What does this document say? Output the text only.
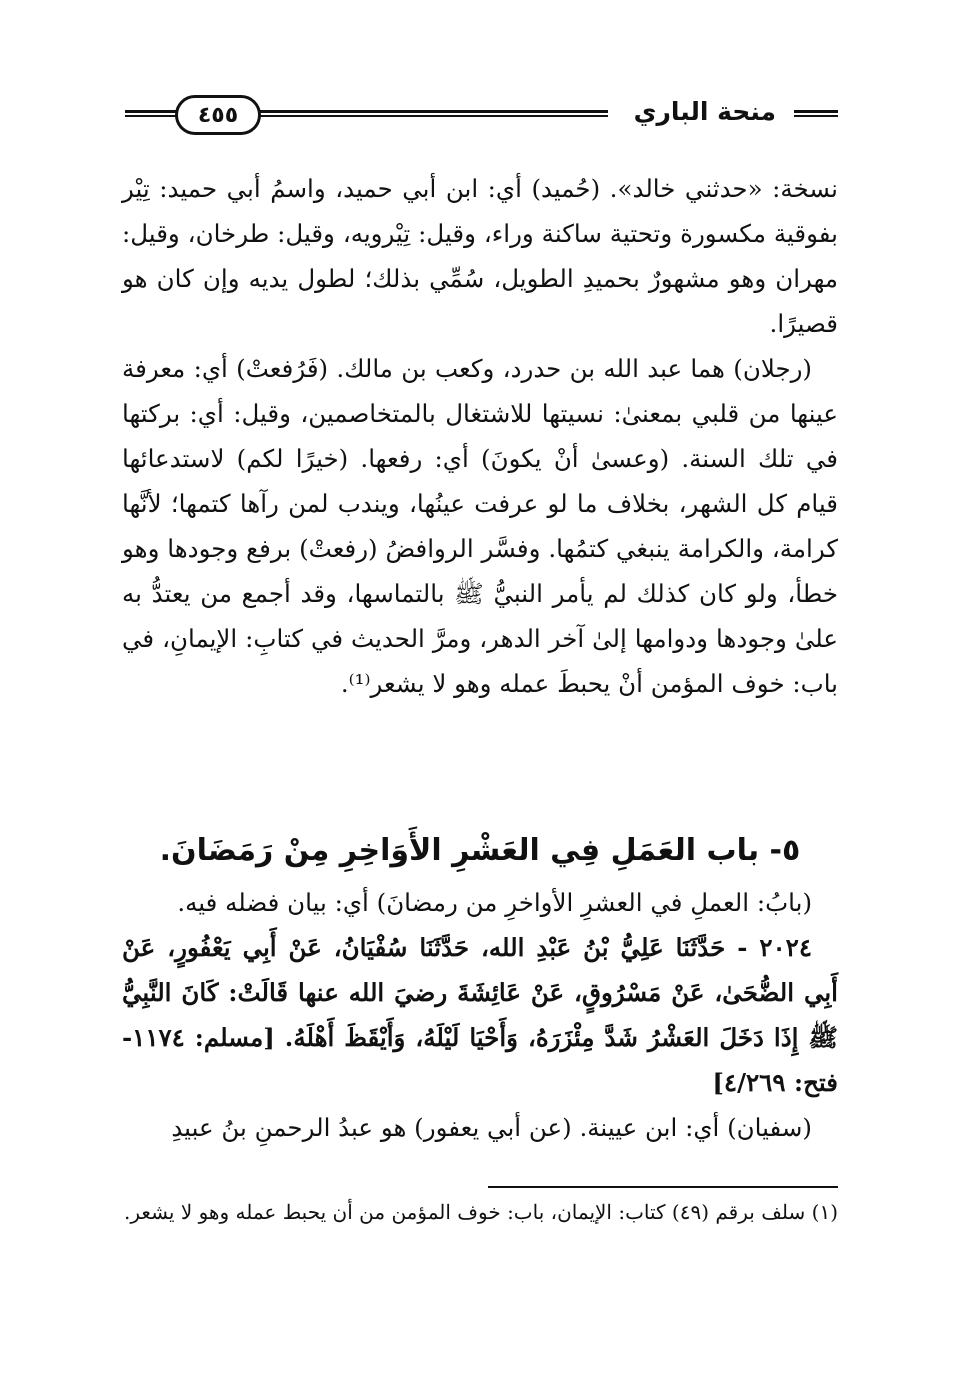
منحة الباري
٤٥٥

نسخة: «حدثني خالد». (حُميد) أي: ابن أبي حميد، واسمُ أبي حميد: تِيْر بفوقية مكسورة وتحتية ساكنة وراء، وقيل: تِيْرويه، وقيل: طرخان، وقيل: مهران وهو مشهورٌ بحميدِ الطويل، سُمِّي بذلك؛ لطول يديه وإن كان هو قصيرًا.

(رجلان) هما عبد الله بن حدرد، وكعب بن مالك. (فَرُفعتْ) أي: معرفة عينها من قلبي بمعنىٰ: نسيتها للاشتغال بالمتخاصمين، وقيل: أي: بركتها في تلك السنة. (وعسىٰ أنْ يكونَ) أي: رفعها. (خيرًا لكم) لاستدعائها قيام كل الشهر، بخلاف ما لو عرفت عينُها، ويندب لمن رآها كتمها؛ لأنَّها كرامة، والكرامة ينبغي كتمُها. وفسَّر الروافضُ (رفعتْ) برفع وجودها وهو خطأ، ولو كان كذلك لم يأمر النبيُّ ﷺ بالتماسها، وقد أجمع من يعتدُّ به علىٰ وجودها ودوامها إلىٰ آخر الدهر، ومرَّ الحديث في كتابِ: الإيمانِ، في باب: خوف المؤمن أنْ يحبطَ عمله وهو لا يشعر⁽¹⁾.

٥- باب العَمَلِ فِي العَشْرِ الأَوَاخِرِ مِنْ رَمَضَانَ.

(بابُ: العملِ في العشرِ الأواخرِ من رمضانَ) أي: بيان فضله فيه.

٢٠٢٤ - حَدَّثَنَا عَلِيُّ بْنُ عَبْدِ الله، حَدَّثَنَا سُفْيَانُ، عَنْ أَبِي يَعْفُورٍ، عَنْ أَبِي الضُّحَىٰ، عَنْ مَسْرُوقٍ، عَنْ عَائِشَةَ رضيَ الله عنها قَالَتْ: كَانَ النَّبِيُّ ﷺ إِذَا دَخَلَ العَشْرُ شَدَّ مِئْزَرَهُ، وَأَحْيَا لَيْلَهُ، وَأَيْقَظَ أَهْلَهُ. [مسلم: ١١٧٤- فتح: ٤/٢٦٩]

(سفيان) أي: ابن عيينة. (عن أبي يعفور) هو عبدُ الرحمنِ بنُ عبيدِ

(١) سلف برقم (٤٩) كتاب: الإيمان، باب: خوف المؤمن من أن يحبط عمله وهو لا يشعر.
